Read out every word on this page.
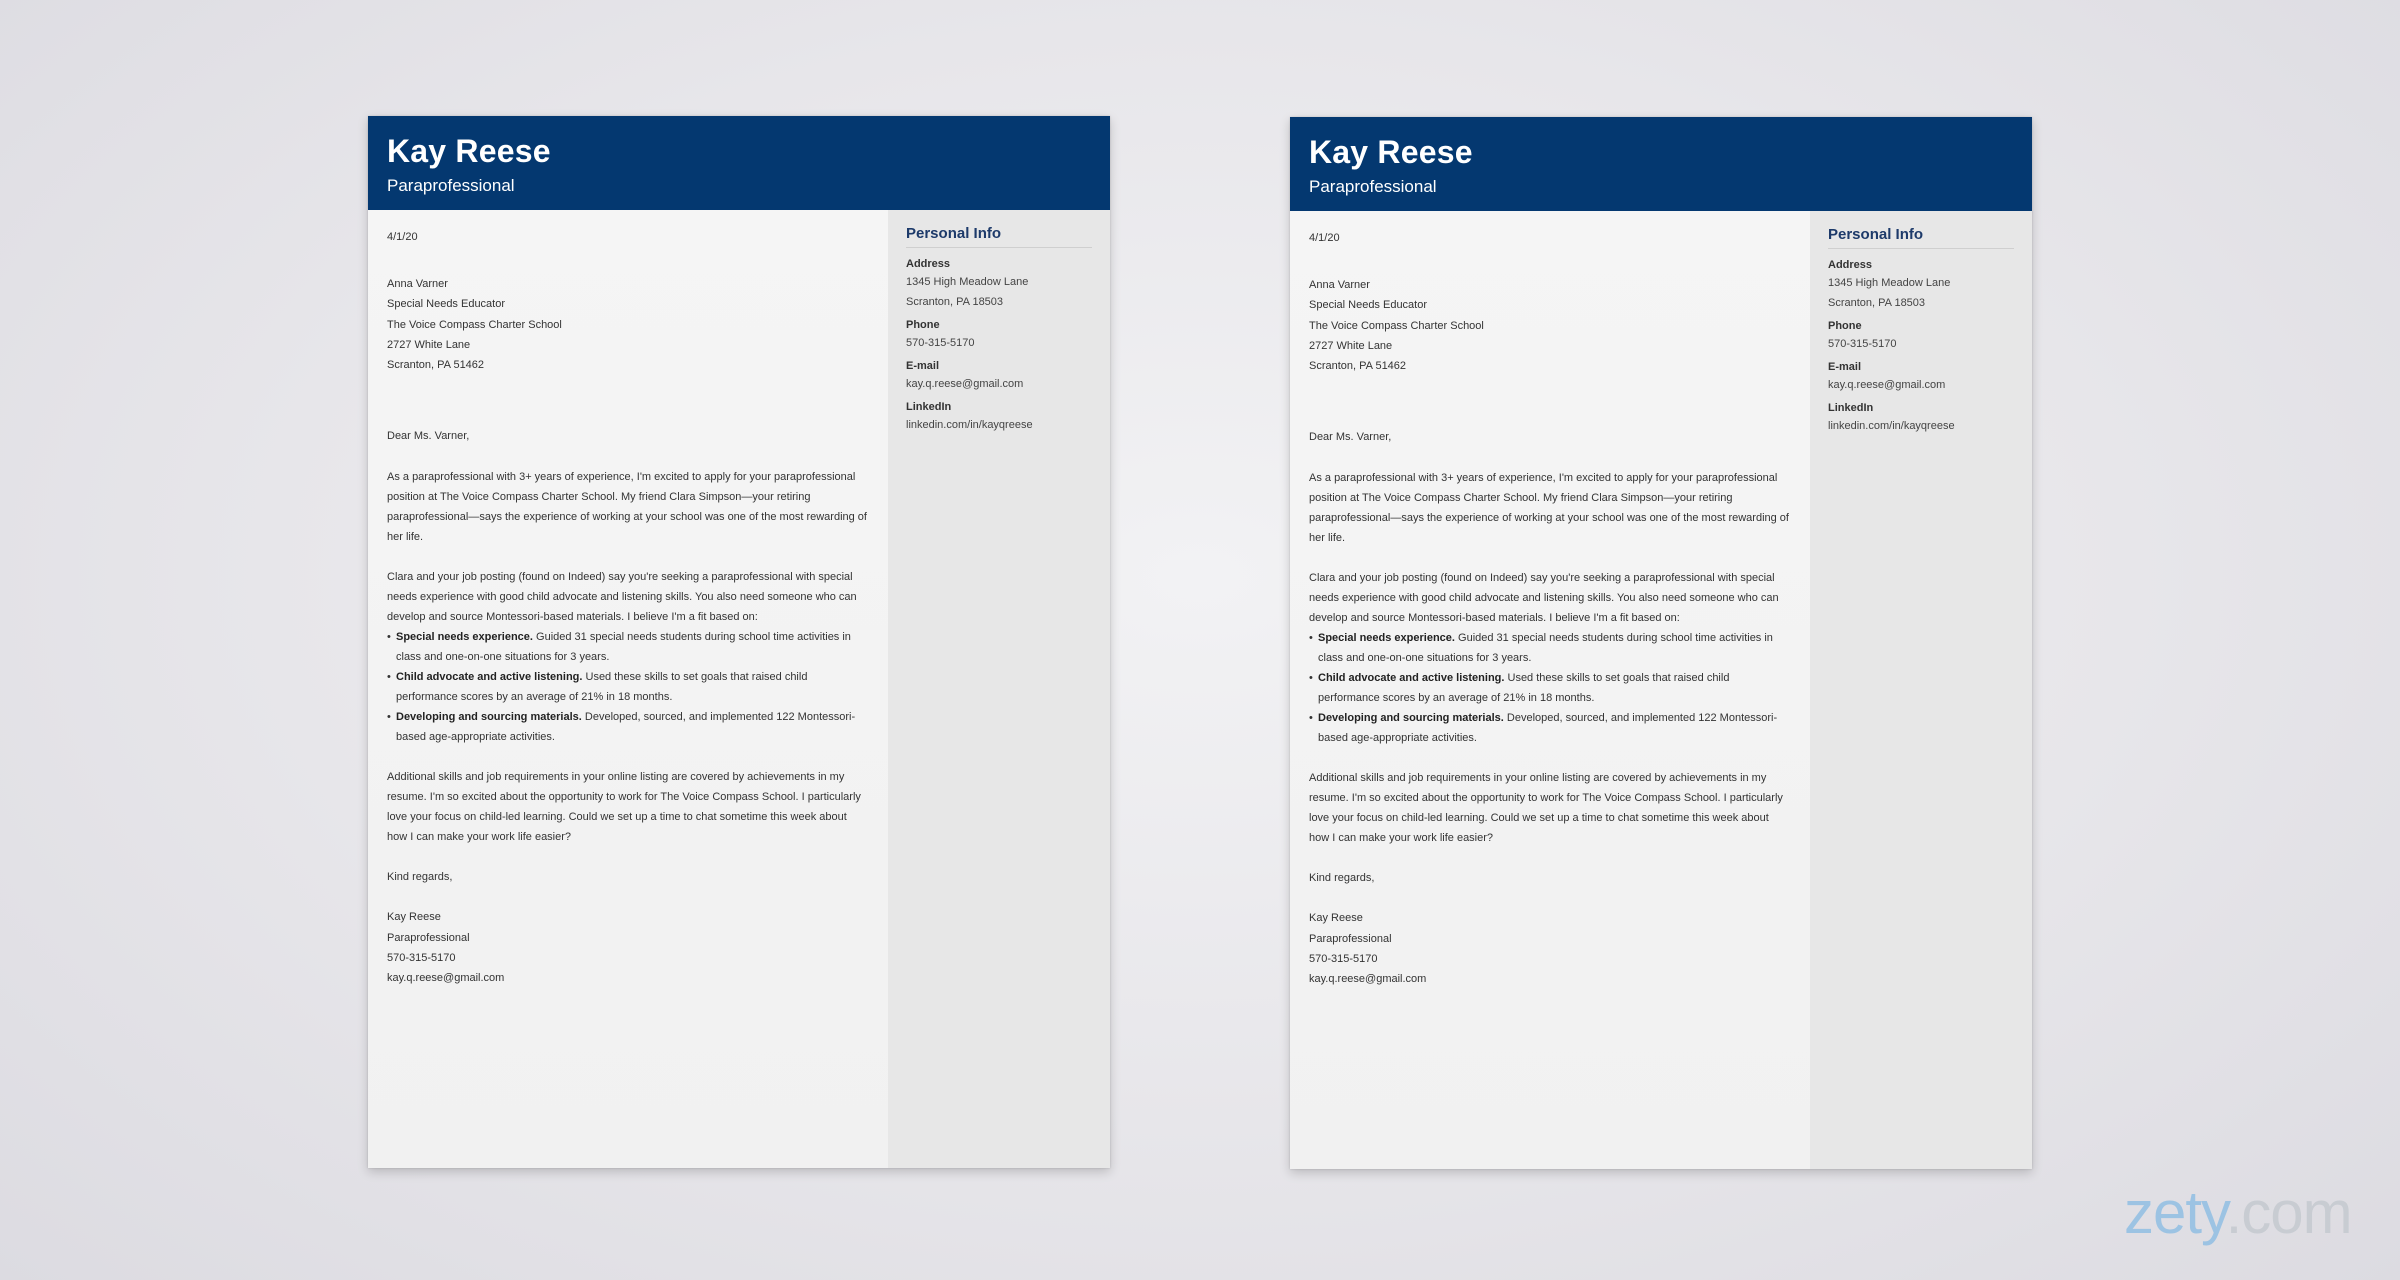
Kay Reese
Paraprofessional
4/1/20
Anna Varner
Special Needs Educator
The Voice Compass Charter School
2727 White Lane
Scranton, PA 51462
Dear Ms. Varner,
As a paraprofessional with 3+ years of experience, I'm excited to apply for your paraprofessional position at The Voice Compass Charter School. My friend Clara Simpson—your retiring paraprofessional—says the experience of working at your school was one of the most rewarding of her life.
Clara and your job posting (found on Indeed) say you're seeking a paraprofessional with special needs experience with good child advocate and listening skills. You also need someone who can develop and source Montessori-based materials. I believe I'm a fit based on:
• Special needs experience. Guided 31 special needs students during school time activities in class and one-on-one situations for 3 years.
• Child advocate and active listening. Used these skills to set goals that raised child performance scores by an average of 21% in 18 months.
• Developing and sourcing materials. Developed, sourced, and implemented 122 Montessori-based age-appropriate activities.
Additional skills and job requirements in your online listing are covered by achievements in my resume. I'm so excited about the opportunity to work for The Voice Compass School. I particularly love your focus on child-led learning. Could we set up a time to chat sometime this week about how I can make your work life easier?
Kind regards,
Kay Reese
Paraprofessional
570-315-5170
kay.q.reese@gmail.com
Personal Info
Address
1345 High Meadow Lane
Scranton, PA 18503
Phone
570-315-5170
E-mail
kay.q.reese@gmail.com
LinkedIn
linkedin.com/in/kayqreese
Kay Reese
Paraprofessional
4/1/20
Anna Varner
Special Needs Educator
The Voice Compass Charter School
2727 White Lane
Scranton, PA 51462
Dear Ms. Varner,
As a paraprofessional with 3+ years of experience, I'm excited to apply for your paraprofessional position at The Voice Compass Charter School. My friend Clara Simpson—your retiring paraprofessional—says the experience of working at your school was one of the most rewarding of her life.
Clara and your job posting (found on Indeed) say you're seeking a paraprofessional with special needs experience with good child advocate and listening skills. You also need someone who can develop and source Montessori-based materials. I believe I'm a fit based on:
• Special needs experience. Guided 31 special needs students during school time activities in class and one-on-one situations for 3 years.
• Child advocate and active listening. Used these skills to set goals that raised child performance scores by an average of 21% in 18 months.
• Developing and sourcing materials. Developed, sourced, and implemented 122 Montessori-based age-appropriate activities.
Additional skills and job requirements in your online listing are covered by achievements in my resume. I'm so excited about the opportunity to work for The Voice Compass School. I particularly love your focus on child-led learning. Could we set up a time to chat sometime this week about how I can make your work life easier?
Kind regards,
Kay Reese
Paraprofessional
570-315-5170
kay.q.reese@gmail.com
Personal Info
Address
1345 High Meadow Lane
Scranton, PA 18503
Phone
570-315-5170
E-mail
kay.q.reese@gmail.com
LinkedIn
linkedin.com/in/kayqreese
zety.com
